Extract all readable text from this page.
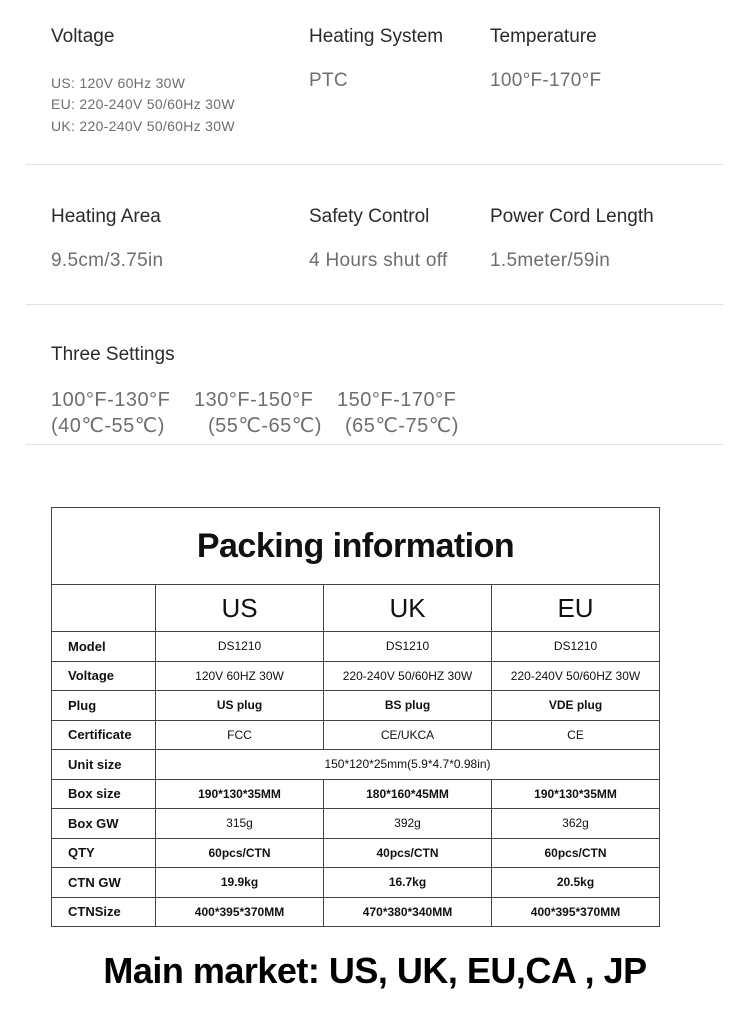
Voltage
US: 120V 60Hz 30W
EU: 220-240V 50/60Hz 30W
UK: 220-240V 50/60Hz 30W
Heating System
PTC
Temperature
100°F-170°F
Heating Area
9.5cm/3.75in
Safety Control
4 Hours shut off
Power Cord Length
1.5meter/59in
Three Settings
100°F-130°F
(40℃-55℃)
130°F-150°F
(55℃-65℃)
150°F-170°F
(65℃-75℃)
Packing information			
	US	UK	EU
Model	DS1210	DS1210	DS1210
Voltage	120V 60HZ 30W	220-240V 50/60HZ 30W	220-240V 50/60HZ 30W
Plug	US plug	BS plug	VDE plug
Certificate	FCC	CE/UKCA	CE
Unit size	150*120*25mm(5.9*4.7*0.98in)		
Box size	190*130*35MM	180*160*45MM	190*130*35MM
Box GW	315g	392g	362g
QTY	60pcs/CTN	40pcs/CTN	60pcs/CTN
CTN GW	19.9kg	16.7kg	20.5kg
CTNSize	400*395*370MM	470*380*340MM	400*395*370MM
Main market: US, UK, EU,CA , JP
